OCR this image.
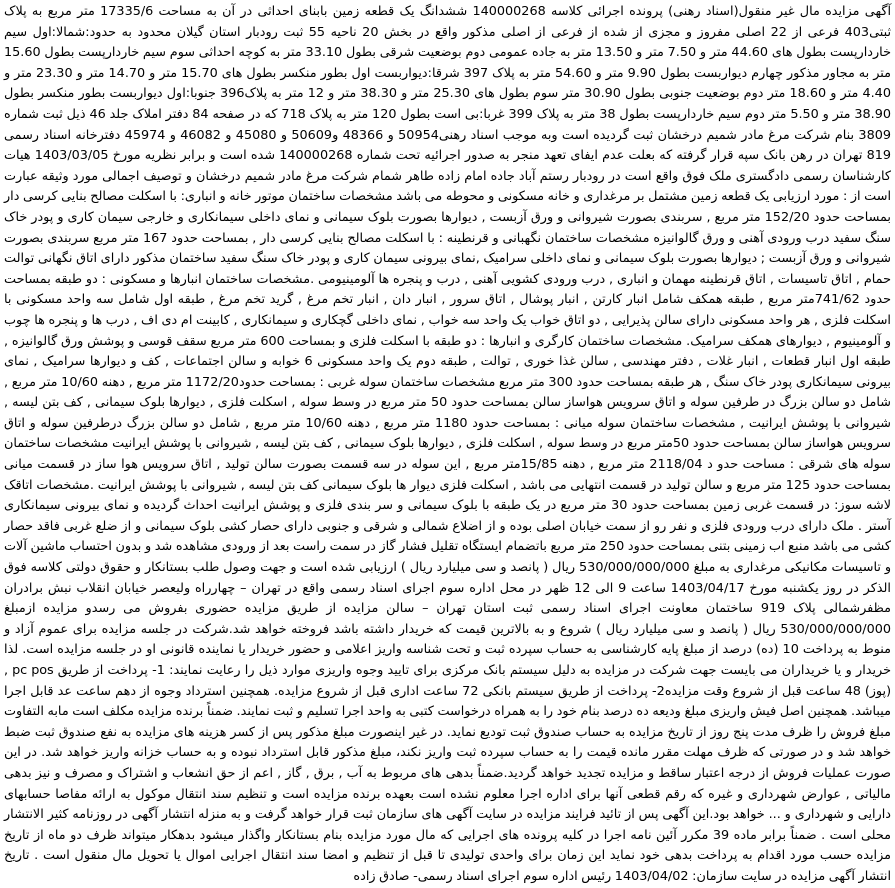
آگهی مزایده مال غیر منقول(اسناد رهنی) پرونده اجرائی کلاسه 140000268 ششدانگ یک قطعه زمین بابنای احداثی در آن به مساحت 17335/6 متر مربع به پلاک ثبتی403 فرعی از 22 اصلی مفروز و مجزی از شده از فرعی از اصلی مذکور واقع در بخش 20 ناحیه 55 ثبت رودبار استان گیلان محدود به حدود:شمالا:اول سیم خاردارپست بطول های 44.60 متر و 7.50 متر و 13.50 متر به جاده عمومی دوم بوضعیت شرقی بطول 33.10 متر به کوچه احداثی سوم سیم خاردارپست بطول 15.60 متر به مجاور مذکور چهارم دیواربست بطول 9.90 متر و 54.60 متر به پلاک 397 شرقا:دیواربست اول بطور منکسر بطول های 15.70 متر و 14.70 متر و 23.30 متر و 4.40 متر و 18.60 متر دوم بوضعیت جنوبی بطول 30.90 متر سوم بطول های 25.30 متر و 38.30 متر و 12 متر به پلاک396 جنوبا:اول دیواربست بطور منکسر بطول 38.90 متر و 5.50 متر دوم سیم خاردارپست بطول 38 متر به پلاک 399 غربا:بی است بطول 120 متر به پلاک 718 که در صفحه 84 دفتر املاک جلد 46 ذیل ثبت شماره 3809 بنام شرکت مرغ مادر شمیم درخشان ثبت گردیده است وبه موجب اسناد رهنی50954 و 48366 و50609 و 45080 و 46082 و 45974 دفترخانه اسناد رسمی 819 تهران در رهن بانک سپه قرار گرفته که بعلت عدم ایفای تعهد منجر به صدور اجرائیه تحت شماره 140000268 شده است و برابر نظریه مورخ 1403/03/05 هیات کارشناسان رسمی دادگستری ملک فوق واقع است در رودبار رستم آباد جاده امام زاده طاهر شمام شرکت مرغ مادر شمیم درخشان و توصیف اجمالی مورد وثیقه عبارت است از : مورد ارزیابی یک قطعه زمین مشتمل بر مرغداری و خانه مسکونی و محوطه می باشد مشخصات ساختمان موتور خانه و انباری: با اسکلت مصالح بنایی کرسی دار بمساحت حدود 152/20 متر مربع , سربندی بصورت شیروانی و ورق آزبست , دیوارها بصورت بلوک سیمانی و نمای داخلی سیمانکاری و خارجی سیمان کاری و پودر خاک سنگ سفید درب ورودی آهنی و ورق گالوانیزه مشخصات ساختمان نگهبانی و قرنطینه : با اسکلت مصالح بنایی کرسی دار , بمساحت حدود 167 متر مربع سربندی بصورت شیروانی و ورق آزبست ; دیوارها بصورت بلوک سیمانی و نمای داخلی سرامیک ,نمای بیرونی سیمان کاری و پودر خاک سنگ سفید ساختمان مذکور دارای اتاق نگهانی توالت حمام , اتاق تاسیسات , اتاق قرنطینه مهمان و انباری , درب ورودی کشویی آهنی , درب و پنجره ها آلومینیومی .مشخصات ساختمان انبارها و مسکونی : دو طبقه بمساحت حدود 741/62متر مربع , طبقه همکف شامل انبار کارتن , انبار پوشال , اتاق سرور , انبار دان , انبار تخم مرغ , گرید تخم مرغ , طبقه اول شامل سه واحد مسکونی با اسکلت فلزی , هر واحد مسکونی دارای سالن پذیرایی , دو اتاق خواب یک واحد سه خواب , نمای داخلی گچکاری و سیمانکاری , کابینت ام دی اف , درب ها و پنجره ها چوب و آلومینیوم , دیوارهای همکف سرامیک. مشخصات ساختمان کارگری و انبارها : دو طبقه با اسکلت فلزی و بمساحت 600 متر مربع سقف قوسی و پوشش ورق گالوانیزه , طبقه اول انبار قطعات , انبار غلات , دفتر مهندسی , سالن غذا خوری , توالت , طبقه دوم یک واحد مسکونی 6 خوابه و سالن اجتماعات , کف و دیوارها سرامیک , نمای بیرونی سیمانکاری پودر خاک سنگ , هر طبقه بمساحت حدود 300 متر مربع مشخصات ساختمان سوله غربی : بمساحت حدود1172/20 متر مربع , دهنه 10/60 متر مربع , شامل دو سالن بزرگ در طرفین سوله و اتاق سرویس هواساز سالن بمساحت حدود 50 متر مربع در وسط سوله , اسکلت فلزی , دیوارها بلوک سیمانی , کف بتن لیسه , شیروانی با پوشش ایرانیت , مشخصات ساختمان سوله میانی : بمساحت حدود 1180 متر مربع , دهنه 10/60 متر مربع , شامل دو سالن بزرگ درطرفین سوله و اتاق سرویس هواساز سالن بمساحت حدود 50متر مربع در وسط سوله , اسکلت فلزی , دیوارها بلوک سیمانی , کف بتن لیسه , شیروانی با پوشش ایرانیت مشخصات ساختمان سوله های شرقی : مساحت حدو د 2118/04 متر مربع , دهنه 15/85متر مربع , این سوله در سه قسمت بصورت سالن تولید , اتاق سرویس هوا ساز در قسمت میانی بمساحت حدود 125 متر مربع و سالن تولید در قسمت انتهایی می باشد , اسکلت فلزی دیوار ها بلوک سیمانی کف بتن لیسه , شیروانی با پوشش ایرانیت .مشخصات اتاقک لاشه سوز: در قسمت غربی زمین بمساحت حدود 30 متر مربع در یک طبقه با بلوک سیمانی و سر بندی فلزی و پوشش ایرانیت احداث گردیده و نمای بیرونی سیمانکاری آستر . ملک دارای درب ورودی فلزی و نفر رو از سمت خیابان اصلی بوده و از اضلاع شمالی و شرقی و جنوبی دارای حصار کشی بلوک سیمانی و از ضلع غربی فاقد حصار کشی می باشد منبع اب زمینی بتنی بمساحت حدود 250 متر مربع باتضمام ایستگاه تقلیل فشار گاز در سمت راست بعد از ورودی مشاهده شد و بدون احتساب ماشین آلات و تاسیسات مکانیکی مرغداری به مبلغ 530/000/000/000 ریال ( پانصد و سی میلیارد ریال ) ارزیابی شده است و جهت وصول طلب بستانکار و حقوق دولتی کلاسه فوق الذکر در روز یکشنبه مورخ 1403/04/17 ساعت 9 الی 12 ظهر در محل اداره سوم اجرای اسناد رسمی واقع در تهران – چهارراه ولیعصر خیابان انقلاب نبش برادران مظفرشمالی پلاک 919 ساختمان معاونت اجرای اسناد رسمی ثبت استان تهران – سالن مزایده از طریق مزایده حضوری بفروش می رسدو مزایده ازمبلغ 530/000/000/000 ریال ( پانصد و سی میلیارد ریال ) شروع و به بالاترین قیمت که خریدار داشته باشد فروخته خواهد شد.شرکت در جلسه مزایده برای عموم آزاد و منوط به پرداخت 10 (ده) درصد از مبلغ پایه کارشناسی به حساب سپرده ثبت و تحت شناسه واریز اعلامی و حضور خریدار یا نماینده قانونی او در جلسه مزایده است. لذا خریدار و یا خریداران می بایست جهت شرکت در مزایده به دلیل سیستم بانک مرکزی برای تایید وجوه واریزی موارد ذیل را رعایت نمایند: 1- پرداخت از طریق pc pos , (پوز) 48 ساعت قبل از شروع وقت مزایده2- پرداخت از طریق سیستم بانکی 72 ساعت اداری قبل از شروع مزایده. همچنین استرداد وجوه از دهم ساعت عد قابل اجرا میباشد. همچنین اصل فیش واریزی مبلغ ودیعه ده درصد بنام خود را به همراه درخواست کتبی به واحد اجرا تسلیم و ثبت نمایند. ضمناً برنده مزایده مکلف است مابه التفاوت مبلغ فروش را ظرف مدت پنج روز از تاریخ مزایده به حساب صندوق ثبت تودیع نماید. در غیر اینصورت مبلغ مذکور پس از کسر هزینه های مزایده به نفع صندوق ثبت ضبط خواهد شد و در صورتی که ظرف مهلت مقرر مانده قیمت را به حساب سپرده ثبت واریز نکند، مبلغ مذکور قابل استرداد نبوده و به حساب خزانه واریز خواهد شد. در این صورت عملیات فروش از درجه اعتبار ساقط و مزایده تجدید خواهد گردید.ضمناً بدهی های مربوط به آب , برق , گاز , اعم از حق انشعاب و اشتراک و مصرف و نیز بدهی مالیاتی , عوارض شهرداری و غیره که رقم قطعی آنها برای اداره اجرا معلوم نشده است بعهده برنده مزایده است و تنظیم سند انتقال موکول به ارائه مفاصا حسابهای دارایی و شهرداری و ... خواهد بود.این آگهی پس از تائید فرایند مزایده در سایت آگهی های سازمان ثبت قرار خواهد گرفت و به منزله انتشار آگهی در روزنامه کثیر الانتشار محلی است . ضمناً برابر ماده 39 مکرر آئین نامه اجرا در کلیه پرونده های اجرایی که مال مورد مزایده بنام بستانکار واگذار میشود بدهکار میتواند ظرف دو ماه از تاریخ مزایده حسب مورد اقدام به پرداخت بدهی خود نماید این زمان برای واحدی تولیدی تا قبل از تنظیم و امضا سند انتقال اجرایی اموال یا تحویل مال منقول است . تاریخ انتشار آگهی مزایده در سایت سازمان: 1403/04/02 رئیس اداره سوم اجرای اسناد رسمی- صادق زاده
